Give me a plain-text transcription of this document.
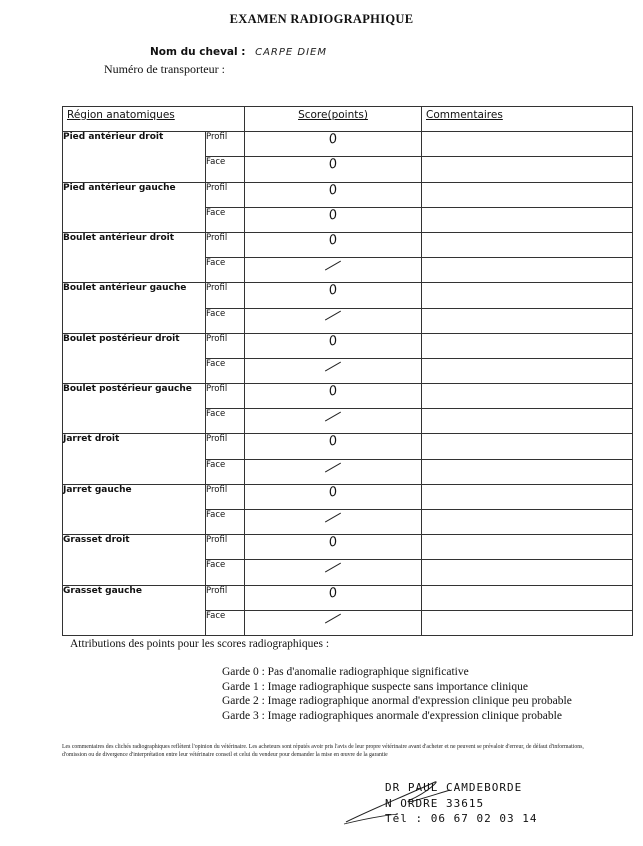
EXAMEN RADIOGRAPHIQUE
Nom du cheval : CARPE DIEM
Numéro de transporteur :
Région anatomiques		Score(points)	Commentaires
Pied antérieur droit	Profil	0	
	Face	0	
Pied antérieur gauche	Profil	0	
	Face	0	
Boulet antérieur droit	Profil	0	
	Face		
Boulet antérieur gauche	Profil	0	
	Face		
Boulet postérieur droit	Profil	0	
	Face		
Boulet postérieur gauche	Profil	0	
	Face		
Jarret droit	Profil	0	
	Face		
Jarret gauche	Profil	0	
	Face		
Grasset droit	Profil	0	
	Face		
Grasset gauche	Profil	0	
	Face		
Attributions des points pour les scores radiographiques :
Garde 0 : Pas d'anomalie radiographique significative
Garde 1 : Image radiographique suspecte sans importance clinique
Garde 2 : Image radiographique anormal d'expression clinique peu probable
Garde 3 : Image radiographiques anormale d'expression clinique probable
Les commentaires des clichés radiographiques reflètent l'opinion du vétérinaire. Les acheteurs sont réputés avoir pris l'avis de leur propre vétérinaire avant d'acheter et ne peuvent se prévaloir d'erreur, de défaut d'informations, d'omission ou de divergence d'interprétation entre leur vétérinaire conseil et celui du vendeur pour demander la mise en œuvre de la garantie
DR PAUL CAMDEBORDE
N ORDRE 33615
Tél : 06 67 02 03 14
